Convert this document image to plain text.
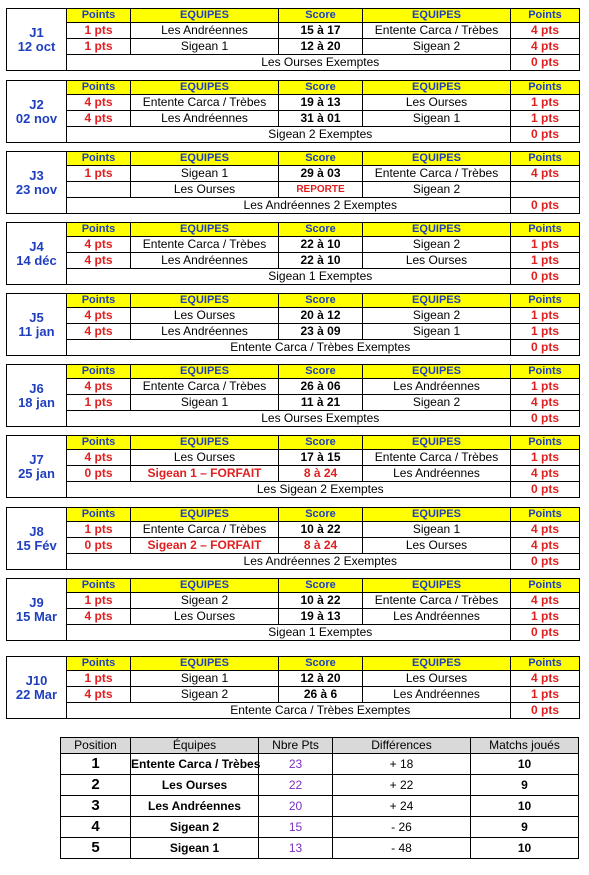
J1
12 oct
Points	EQUIPES	Score	EQUIPES	Points
1 pts	Les Andréennes	15 à 17	Entente Carca / Trèbes	4 pts
1 pts	Sigean 1	12 à 20	Sigean 2	4 pts
	Les Ourses Exemptes			0 pts
J2
02 nov
Points	EQUIPES	Score	EQUIPES	Points
4 pts	Entente Carca / Trèbes	19 à 13	Les Ourses	1 pts
4 pts	Les Andréennes	31 à 01	Sigean 1	1 pts
	Sigean 2 Exemptes			0 pts
J3
23 nov
Points	EQUIPES	Score	EQUIPES	Points
1 pts	Sigean 1	29 à 03	Entente Carca / Trèbes	4 pts
	Les Ourses	REPORTE	Sigean 2	
	Les Andréennes 2 Exemptes			0 pts
J4
14 déc
Points	EQUIPES	Score	EQUIPES	Points
4 pts	Entente Carca / Trèbes	22 à 10	Sigean 2	1 pts
4 pts	Les Andréennes	22 à 10	Les Ourses	1 pts
	Sigean 1 Exemptes			0 pts
J5
11 jan
Points	EQUIPES	Score	EQUIPES	Points
4 pts	Les Ourses	20 à 12	Sigean 2	1 pts
4 pts	Les Andréennes	23 à 09	Sigean 1	1 pts
	Entente Carca / Trèbes Exemptes			0 pts
J6
18 jan
Points	EQUIPES	Score	EQUIPES	Points
4 pts	Entente Carca / Trèbes	26 à 06	Les Andréennes	1 pts
1 pts	Sigean 1	11 à 21	Sigean 2	4 pts
	Les Ourses Exemptes			0 pts
J7
25 jan
Points	EQUIPES	Score	EQUIPES	Points
4 pts	Les Ourses	17 à 15	Entente Carca / Trèbes	1 pts
0 pts	Sigean 1 – FORFAIT	8 à 24	Les Andréennes	4 pts
	Les Sigean 2 Exemptes			0 pts
J8
15 Fév
Points	EQUIPES	Score	EQUIPES	Points
1 pts	Entente Carca / Trèbes	10 à 22	Sigean 1	4 pts
0 pts	Sigean 2 – FORFAIT	8 à 24	Les Ourses	4 pts
	Les Andréennes 2 Exemptes			0 pts
J9
15 Mar
Points	EQUIPES	Score	EQUIPES	Points
1 pts	Sigean 2	10 à 22	Entente Carca / Trèbes	4 pts
4 pts	Les Ourses	19 à 13	Les Andréennes	1 pts
	Sigean 1 Exemptes			0 pts
J10
22 Mar
Points	EQUIPES	Score	EQUIPES	Points
1 pts	Sigean 1	12 à 20	Les Ourses	4 pts
4 pts	Sigean 2	26 à 6	Les Andréennes	1 pts
	Entente Carca / Trèbes Exemptes			0 pts
Position	Équipes	Nbre Pts	Différences	Matchs joués
1	Entente Carca / Trèbes	23	+ 18	10
2	Les Ourses	22	+ 22	9
3	Les Andréennes	20	+ 24	10
4	Sigean 2	15	- 26	9
5	Sigean 1	13	- 48	10
